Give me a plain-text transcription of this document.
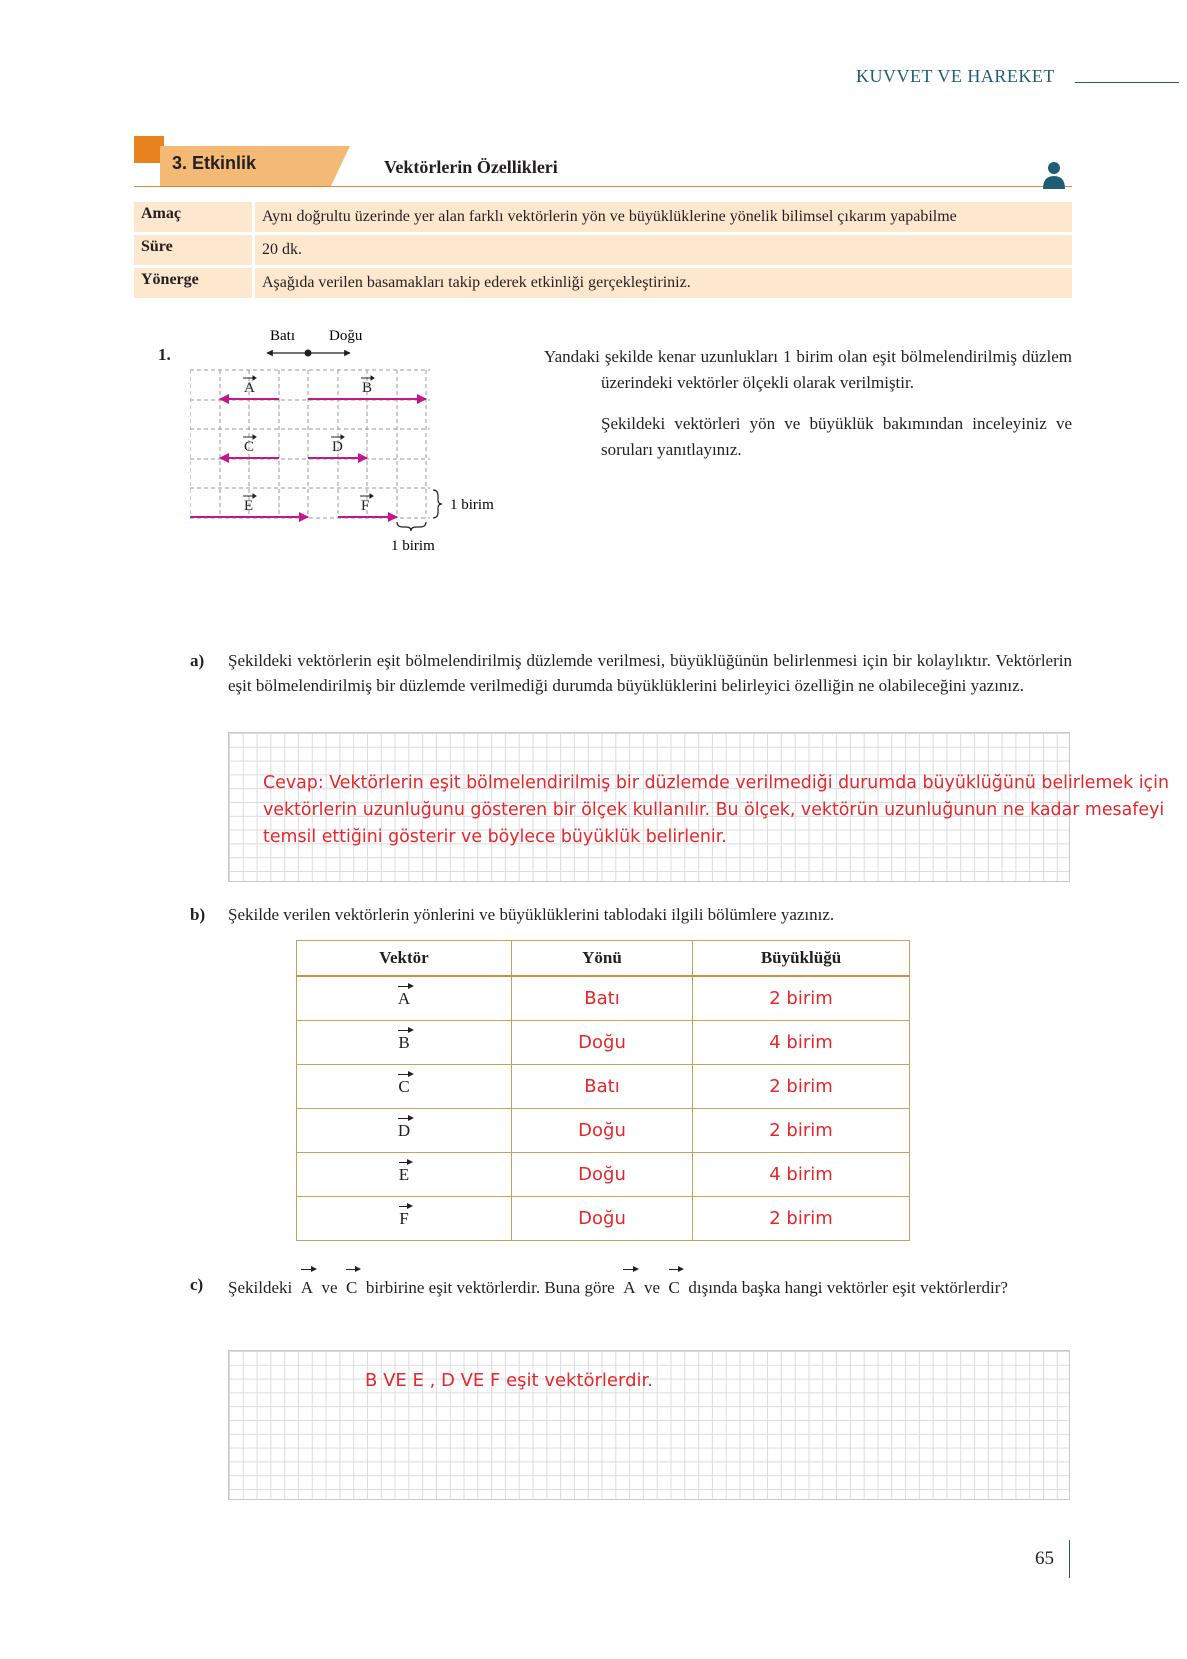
KUVVET VE HAREKET
3. Etkinlik	Vektörlerin Özellikleri
Amaç	Aynı doğrultu üzerinde yer alan farklı vektörlerin yön ve büyüklüklerine yönelik bilimsel çıkarım yapabilme
Süre	20 dk.
Yönerge	Aşağıda verilen basamakları takip ederek etkinliği gerçekleştiriniz.
1.	Yandaki şekilde kenar uzunlukları 1 birim olan eşit bölmelendirilmiş düzlem üzerindeki vektörler ölçekli olarak verilmiştir.

Şekildeki vektörleri yön ve büyüklük bakımından inceleyiniz ve soruları yanıtlayınız.

Batı Doğu
A	B
C	D
E	F	1 birim
1 birim
a) Şekildeki vektörlerin eşit bölmelendirilmiş düzlemde verilmesi, büyüklüğünün belirlenmesi için bir kolaylıktır. Vektörlerin eşit bölmelendirilmiş bir düzlemde verilmediği durumda büyüklüklerini belirleyici özelliğin ne olabileceğini yazınız.
Cevap: Vektörlerin eşit bölmelendirilmiş bir düzlemde verilmediği durumda büyüklüğünü belirlemek için vektörlerin uzunluğunu gösteren bir ölçek kullanılır. Bu ölçek, vektörün uzunluğunun ne kadar mesafeyi temsil ettiğini gösterir ve böylece büyüklük belirlenir.
b) Şekilde verilen vektörlerin yönlerini ve büyüklüklerini tablodaki ilgili bölümlere yazınız.
Vektör	Yönü	Büyüklüğü
A	Batı	2 birim
B	Doğu	4 birim
C	Batı	2 birim
D	Doğu	2 birim
E	Doğu	4 birim
F	Doğu	2 birim
c) Şekildeki A ve C birbirine eşit vektörlerdir. Buna göre A ve C dışında başka hangi vektörler eşit vektörlerdir?
B VE E , D VE F eşit vektörlerdir.
65
